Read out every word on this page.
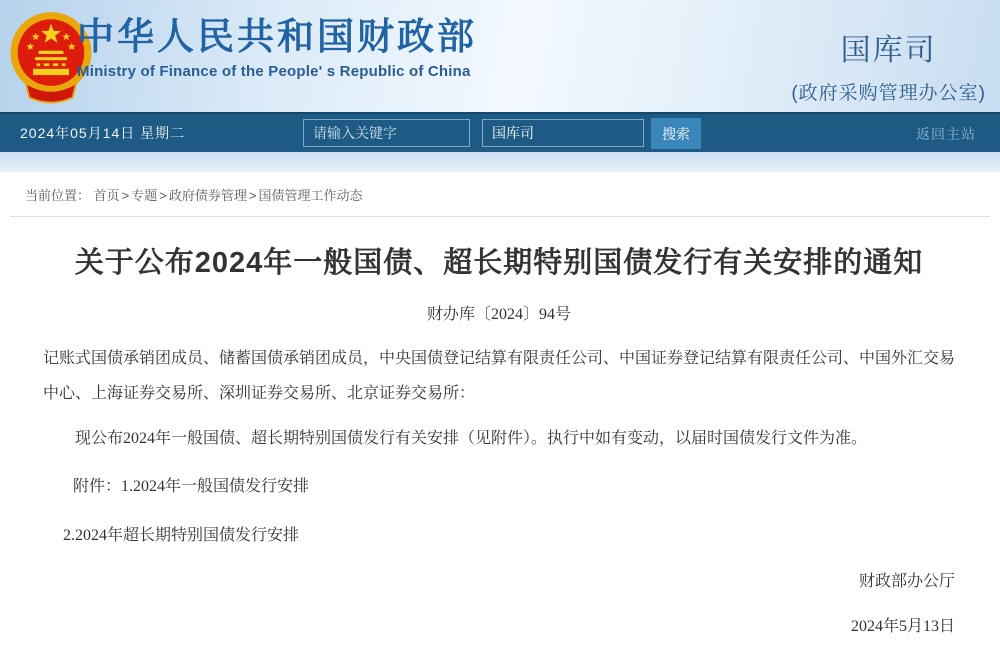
中华人民共和国财政部
Ministry of Finance of the People' s Republic of China
国库司
(政府采购管理办公室)
2024年05月14日 星期二
请输入关键字
国库司	搜索	返回主站
当前位置： 首页 > 专题 > 政府债券管理 > 国债管理工作动态
关于公布2024年一般国债、超长期特别国债发行有关安排的通知
财办库〔2024〕94号

记账式国债承销团成员、储蓄国债承销团成员，中央国债登记结算有限责任公司、中国证券登记结算有限责任公司、中国外汇交易中心、上海证券交易所、深圳证券交易所、北京证券交易所：

现公布2024年一般国债、超长期特别国债发行有关安排（见附件）。执行中如有变动，以届时国债发行文件为准。

附件：1.2024年一般国债发行安排

2.2024年超长期特别国债发行安排

财政部办公厅

2024年5月13日
